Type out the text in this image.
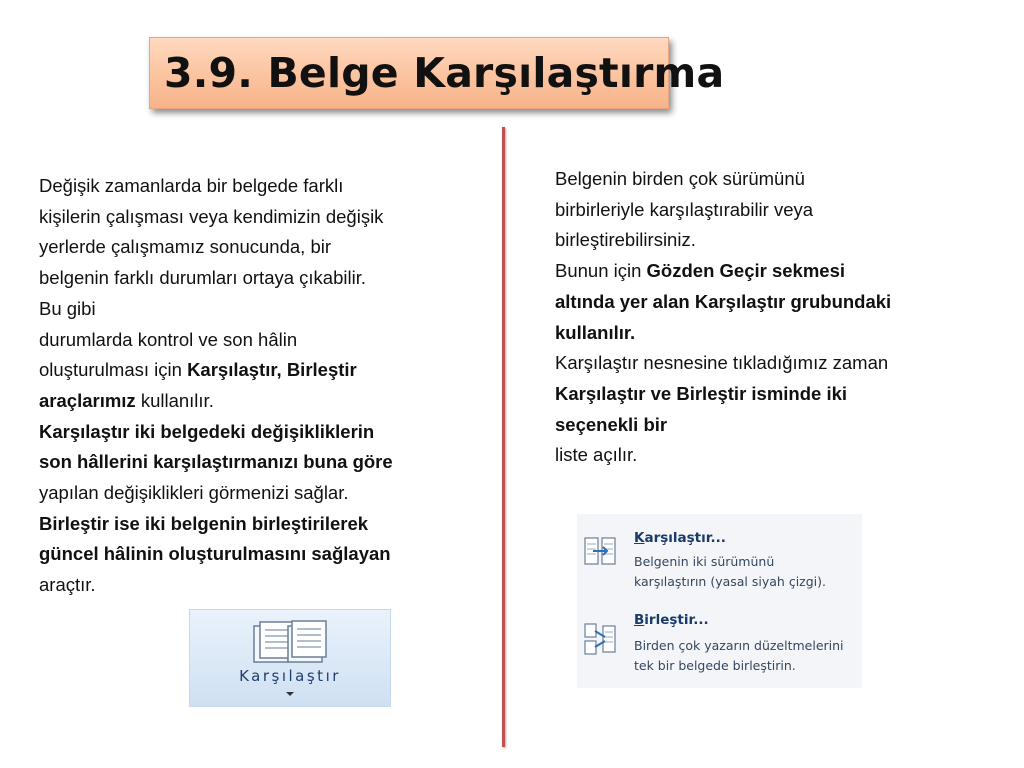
3.9. Belge Karşılaştırma
Değişik zamanlarda bir belgede farklı
kişilerin çalışması veya kendimizin değişik
yerlerde çalışmamız sonucunda, bir
belgenin farklı durumları ortaya çıkabilir.
Bu gibi
durumlarda kontrol ve son hâlin
oluşturulması için Karşılaştır, Birleştir
araçlarımız kullanılır.
Karşılaştır iki belgedeki değişikliklerin
son hâllerini karşılaştırmanızı buna göre
yapılan değişiklikleri görmenizi sağlar.
Birleştir ise iki belgenin birleştirilerek
güncel hâlinin oluşturulmasını sağlayan
araçtır.
Belgenin birden çok sürümünü
birbirleriyle karşılaştırabilir veya
birleştirebilirsiniz.
Bunun için Gözden Geçir sekmesi
altında yer alan Karşılaştır grubundaki
kullanılır.
Karşılaştır nesnesine tıkladığımız zaman
Karşılaştır ve Birleştir isminde iki
seçenekli bir
liste açılır.
Karşılaştır
Karşılaştır...
Belgenin iki sürümünü
karşılaştırın (yasal siyah çizgi).
Birleştir...
Birden çok yazarın düzeltmelerini
tek bir belgede birleştirin.
